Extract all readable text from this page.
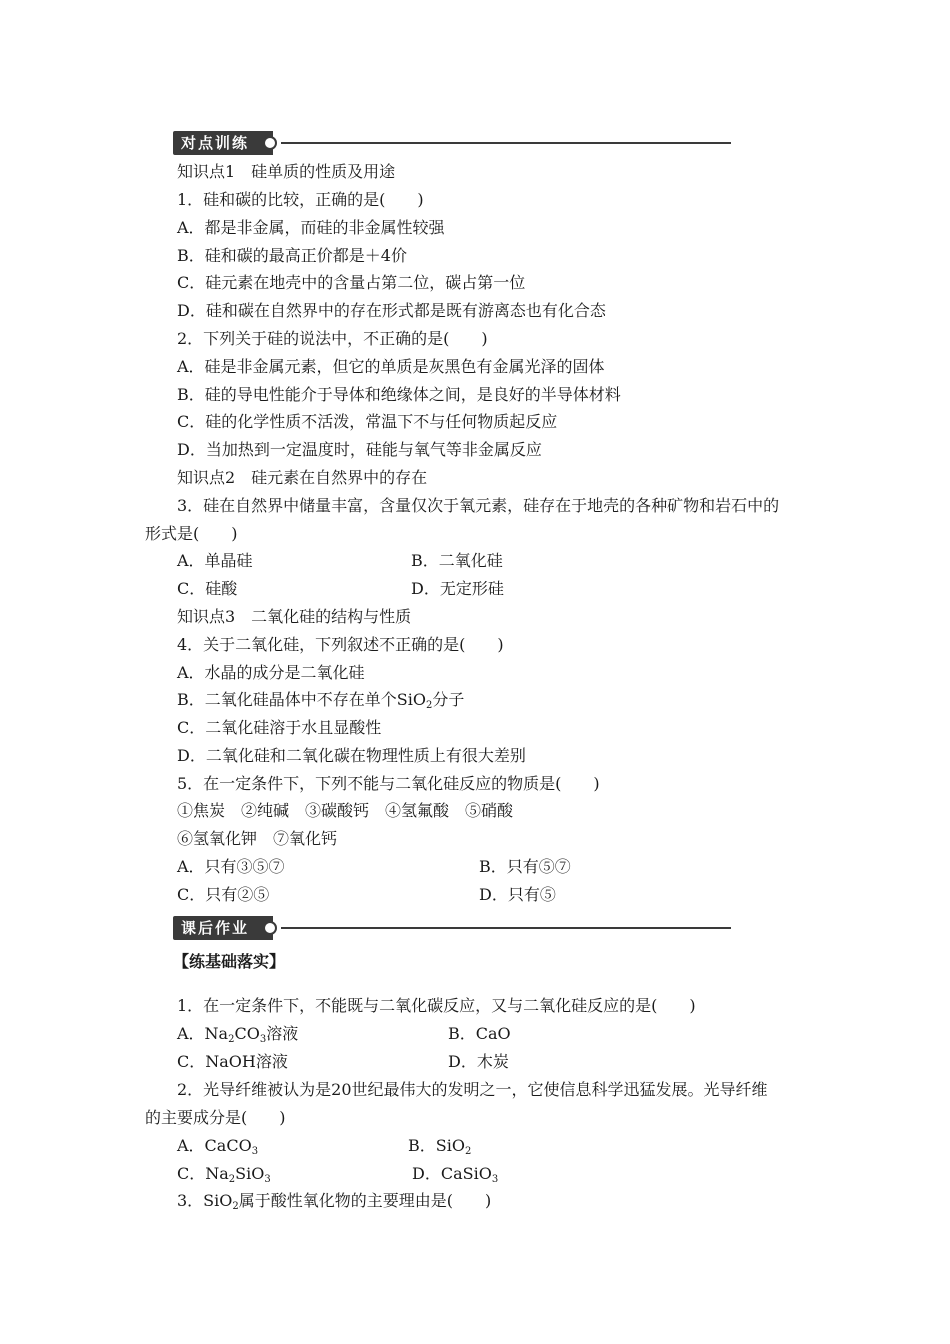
对点训练
知识点1　硅单质的性质及用途
1．硅和碳的比较，正确的是(　　)
A．都是非金属，而硅的非金属性较强
B．硅和碳的最高正价都是＋4价
C．硅元素在地壳中的含量占第二位，碳占第一位
D．硅和碳在自然界中的存在形式都是既有游离态也有化合态
2．下列关于硅的说法中，不正确的是(　　)
A．硅是非金属元素，但它的单质是灰黑色有金属光泽的固体
B．硅的导电性能介于导体和绝缘体之间，是良好的半导体材料
C．硅的化学性质不活泼，常温下不与任何物质起反应
D．当加热到一定温度时，硅能与氧气等非金属反应
知识点2　硅元素在自然界中的存在
3．硅在自然界中储量丰富，含量仅次于氧元素，硅存在于地壳的各种矿物和岩石中的
形式是(　　)
A．单晶硅	B．二氧化硅
C．硅酸	D．无定形硅
知识点3　二氧化硅的结构与性质
4．关于二氧化硅，下列叙述不正确的是(　　)
A．水晶的成分是二氧化硅
B．二氧化硅晶体中不存在单个SiO$_2$分子
C．二氧化硅溶于水且显酸性
D．二氧化硅和二氧化碳在物理性质上有很大差别
5．在一定条件下，下列不能与二氧化硅反应的物质是(　　)
①焦炭　②纯碱　③碳酸钙　④氢氟酸　⑤硝酸
⑥氢氧化钾　⑦氧化钙
A．只有③⑤⑦	B．只有⑤⑦
C．只有②⑤	D．只有⑤
课后作业
【练基础落实】
1．在一定条件下，不能既与二氧化碳反应，又与二氧化硅反应的是(　　)
A．$Na_2CO_3$溶液	B．CaO
C．NaOH溶液	D．木炭
2．光导纤维被认为是20世纪最伟大的发明之一，它使信息科学迅猛发展。光导纤维
的主要成分是(　　)
A．CaCO$_3$	B．SiO$_2$
C．$Na_2SiO_3$	D．CaSiO$_3$
3．SiO$_2$属于酸性氧化物的主要理由是(　　)
